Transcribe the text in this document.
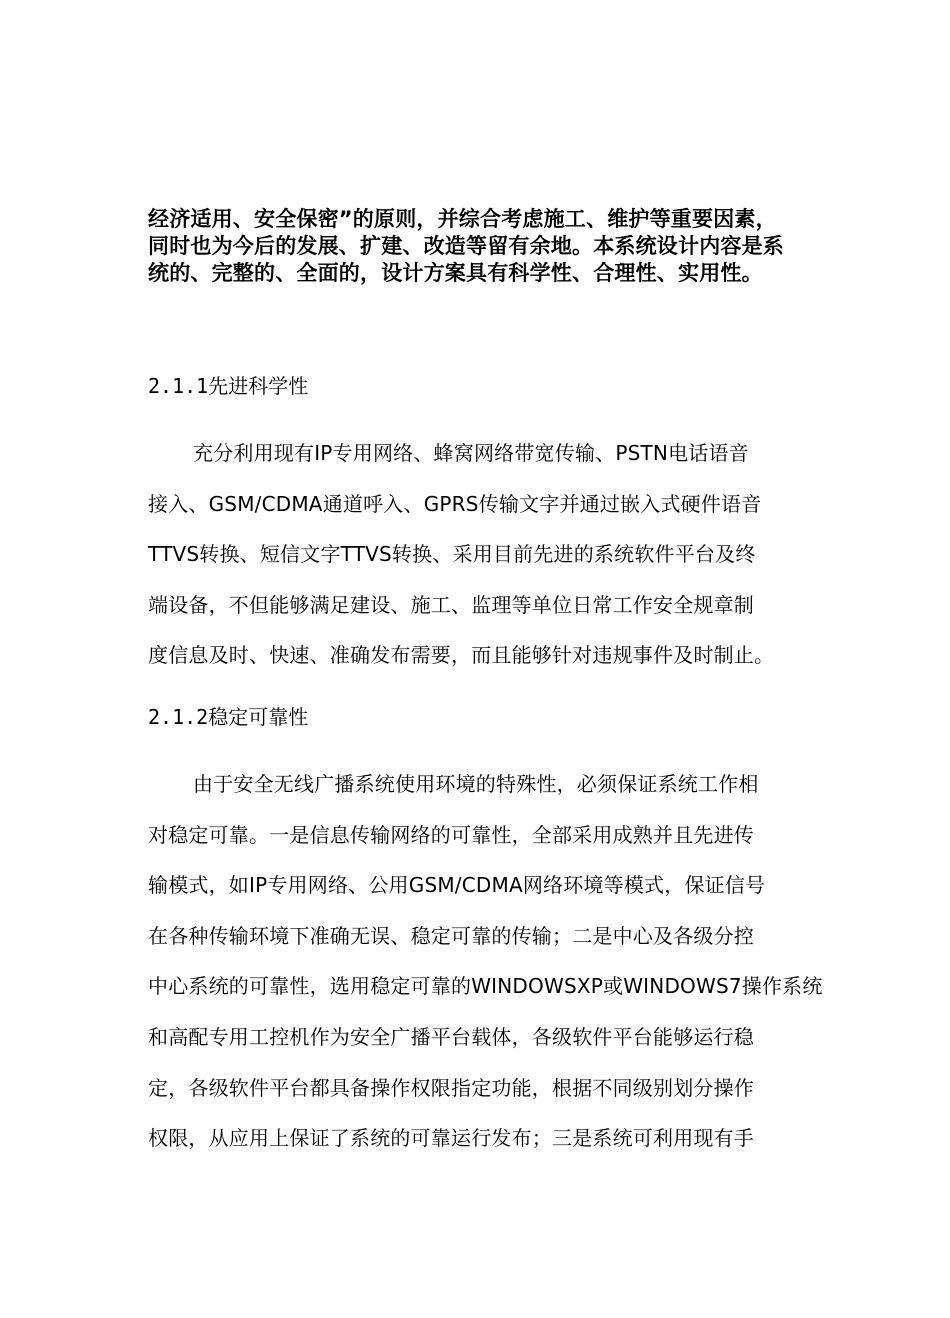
经济适用、安全保密”的原则，并综合考虑施工、维护等重要因素，
同时也为今后的发展、扩建、改造等留有余地。本系统设计内容是系
统的、完整的、全面的，设计方案具有科学性、合理性、实用性。
2.1.1先进科学性
充分利用现有IP专用网络、蜂窝网络带宽传输、PSTN电话语音
接入、GSM/CDMA通道呼入、GPRS传输文字并通过嵌入式硬件语音
TTVS转换、短信文字TTVS转换、采用目前先进的系统软件平台及终
端设备，不但能够满足建设、施工、监理等单位日常工作安全规章制
度信息及时、快速、准确发布需要，而且能够针对违规事件及时制止。
2.1.2稳定可靠性
由于安全无线广播系统使用环境的特殊性，必须保证系统工作相
对稳定可靠。一是信息传输网络的可靠性，全部采用成熟并且先进传
输模式，如IP专用网络、公用GSM/CDMA网络环境等模式，保证信号
在各种传输环境下准确无误、稳定可靠的传输；二是中心及各级分控
中心系统的可靠性，选用稳定可靠的WINDOWSXP或WINDOWS7操作系统
和高配专用工控机作为安全广播平台载体，各级软件平台能够运行稳
定，各级软件平台都具备操作权限指定功能，根据不同级别划分操作
权限，从应用上保证了系统的可靠运行发布；三是系统可利用现有手
